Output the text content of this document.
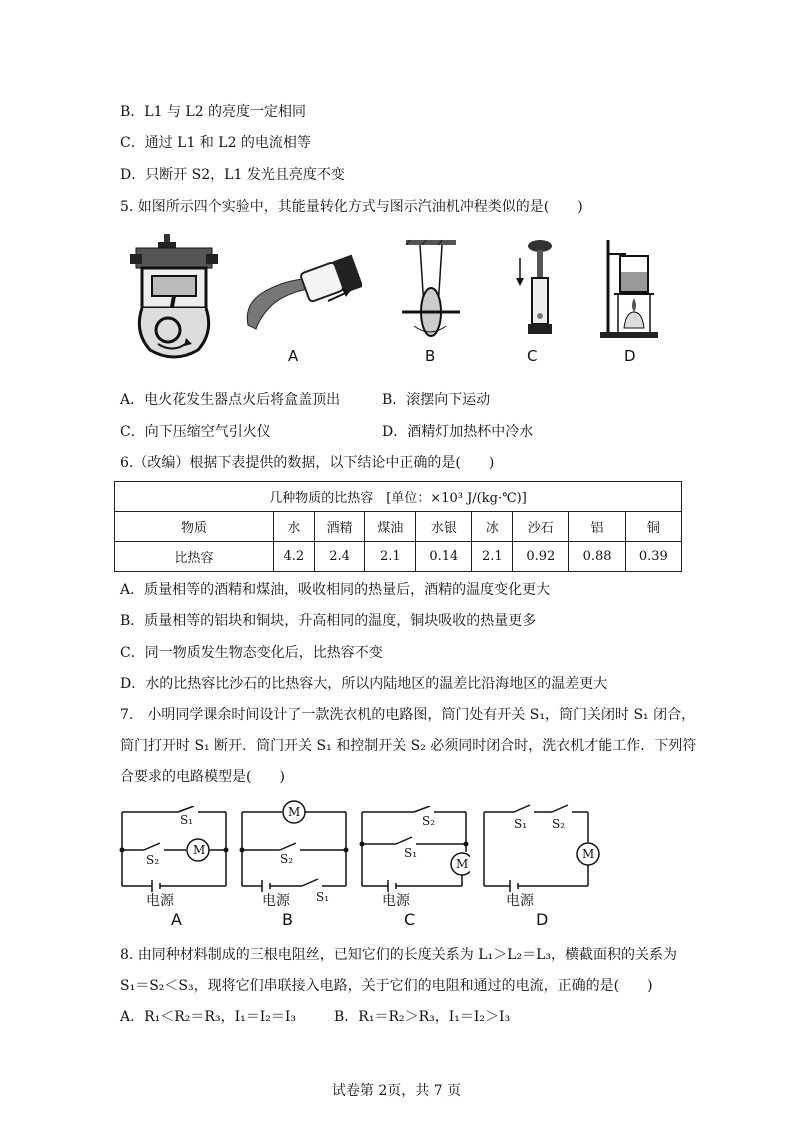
B．L1 与 L2 的亮度一定相同
C．通过 L1 和 L2 的电流相等
D．只断开 S2，L1 发光且亮度不变
5. 如图所示四个实验中，其能量转化方式与图示汽油机冲程类似的是(　　)
A	B	C	D
A．电火花发生器点火后将盒盖顶出	B．滚摆向下运动
C．向下压缩空气引火仪	D．酒精灯加热杯中冷水
6.（改编）根据下表提供的数据，以下结论中正确的是(　　)
几种物质的比热容　[单位：×10³ J/(kg·℃)]								
物质	水	酒精	煤油	水银	冰	沙石	铝	铜
比热容	4.2	2.4	2.1	0.14	2.1	0.92	0.88	0.39
A．质量相等的酒精和煤油，吸收相同的热量后，酒精的温度变化更大
B．质量相等的铝块和铜块，升高相同的温度，铜块吸收的热量更多
C．同一物质发生物态变化后，比热容不变
D．水的比热容比沙石的比热容大，所以内陆地区的温差比沿海地区的温差更大
7.　小明同学课余时间设计了一款洗衣机的电路图，筒门处有开关 S₁，筒门关闭时 S₁ 闭合，
筒门打开时 S₁ 断开．筒门开关 S₁ 和控制开关 S₂ 必须同时闭合时，洗衣机才能工作．下列符
合要求的电路模型是(　　)
S₁
S₂
M
电源
A
M
S₂
S₁
电源
B
S₂
S₁
M
电源
C
S₁ S₂
M
电源
D
8. 由同种材料制成的三根电阻丝，已知它们的长度关系为 L₁＞L₂＝L₃，横截面积的关系为
S₁＝S₂＜S₃，现将它们串联接入电路，关于它们的电阻和通过的电流，正确的是(　　)
A．R₁＜R₂＝R₃，I₁＝I₂＝I₃	B．R₁＝R₂＞R₃，I₁＝I₂＞I₃
试卷第 2页，共 7 页
